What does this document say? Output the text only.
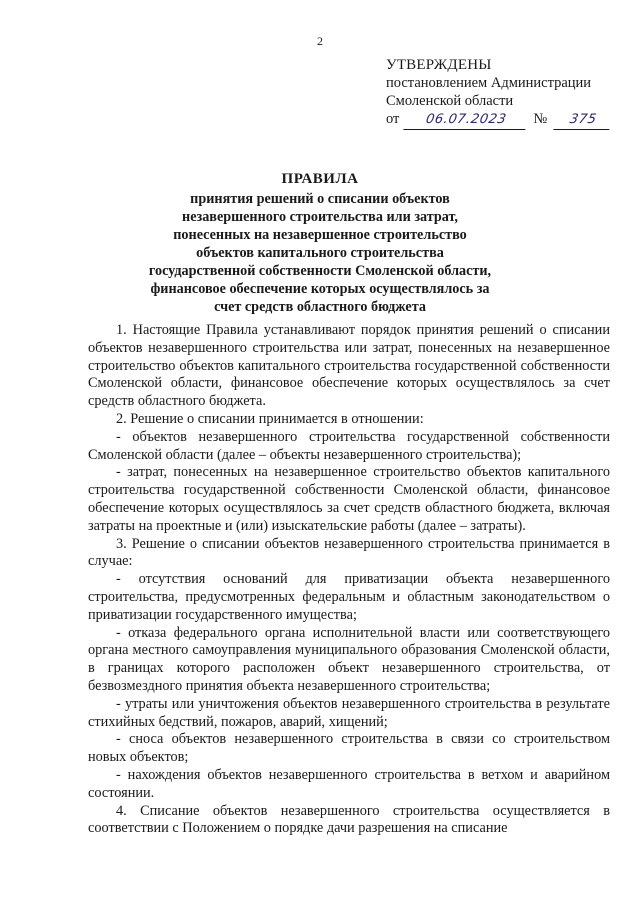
2
УТВЕРЖДЕНЫ
постановлением Администрации
Смоленской области
от	06.07.2023	№	375
ПРАВИЛА
принятия решений о списании объектов
незавершенного строительства или затрат,
понесенных на незавершенное строительство
объектов капитального строительства
государственной собственности Смоленской области,
финансовое обеспечение которых осуществлялось за
счет средств областного бюджета

1. Настоящие Правила устанавливают порядок принятия решений о списании объектов незавершенного строительства или затрат, понесенных на незавершенное строительство объектов капитального строительства государственной собственности Смоленской области, финансовое обеспечение которых осуществлялось за счет средств областного бюджета.

2. Решение о списании принимается в отношении:

- объектов незавершенного строительства государственной собственности Смоленской области (далее – объекты незавершенного строительства);

- затрат, понесенных на незавершенное строительство объектов капитального строительства государственной собственности Смоленской области, финансовое обеспечение которых осуществлялось за счет средств областного бюджета, включая затраты на проектные и (или) изыскательские работы (далее – затраты).

3. Решение о списании объектов незавершенного строительства принимается в случае:

- отсутствия оснований для приватизации объекта незавершенного строительства, предусмотренных федеральным и областным законодательством о приватизации государственного имущества;

- отказа федерального органа исполнительной власти или соответствующего органа местного самоуправления муниципального образования Смоленской области, в границах которого расположен объект незавершенного строительства, от безвозмездного принятия объекта незавершенного строительства;

- утраты или уничтожения объектов незавершенного строительства в результате стихийных бедствий, пожаров, аварий, хищений;

- сноса объектов незавершенного строительства в связи со строительством новых объектов;

- нахождения объектов незавершенного строительства в ветхом и аварийном состоянии.

4. Списание объектов незавершенного строительства осуществляется в соответствии с Положением о порядке дачи разрешения на списание
